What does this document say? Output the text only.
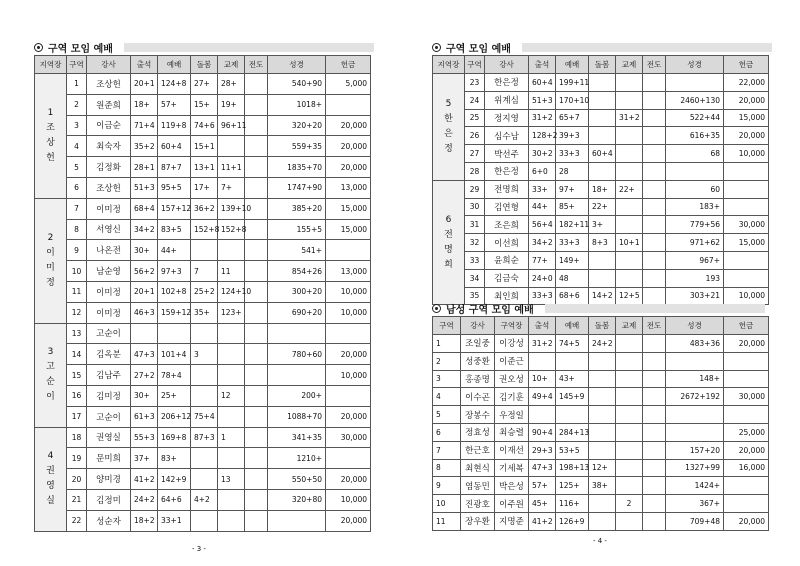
구역 모임 예배
지역장	구역	강사	출석	예배	돌봄	교제	전도	성경	헌금

1
조
상
헌	1	조상헌	20+1	124+8	27+	28+		540+90	5,000
	2	원준희	18+	57+	15+	19+		1018+	
	3	이금순	71+4	119+8	74+6	96+11		320+20	20,000
	4	최숙자	35+2	60+4	15+1			559+35	20,000
	5	김정화	28+1	87+7	13+1	11+1		1835+70	20,000
	6	조상헌	51+3	95+5	17+	7+		1747+90	13,000

2
이
미
정	7	이미정	68+4	157+12	36+2	139+10		385+20	15,000
	8	서영신	34+2	83+5	152+8	152+8		155+5	15,000
	9	나온전	30+	44+				541+	
	10	남순영	56+2	97+3	7	11		854+26	13,000
	11	이미정	20+1	102+8	25+2	124+10		300+20	10,000
	12	이미정	46+3	159+12	35+	123+		690+20	10,000

3
고
순
이	13	고순이							
	14	김옥분	47+3	101+4	3			780+60	20,000
	15	김남주	27+2	78+4					10,000
	16	김미정	30+	25+		12		200+	
	17	고순이	61+3	206+12	75+4			1088+70	20,000

4
권
영
실	18	권영실	55+3	169+8	87+3	1		341+35	30,000
	19	문미희	37+	83+				1210+	
	20	양미경	41+2	142+9		13		550+50	20,000
	21	김정미	24+2	64+6	4+2			320+80	10,000
	22	성순자	18+2	33+1					20,000
- 3 -
구역 모임 예배
지역장	구역	강사	출석	예배	돌봄	교제	전도	성경	헌금

5
한
은
정	23	한은정	60+4	199+11					22,000
	24	위계심	51+3	170+10				2460+130	20,000
	25	정지영	31+2	65+7		31+2		522+44	15,000
	26	심수남	128+2	39+3				616+35	20,000
	27	박선주	30+2	33+3	60+4			68	10,000
	28	한은정	6+0	28					

6
전
명
희	29	전명희	33+	97+	18+	22+		60	
	30	김연형	44+	85+	22+			183+	
	31	조은희	56+4	182+11	3+			779+56	30,000
	32	이선희	34+2	33+3	8+3	10+1		971+62	15,000
	33	윤희순	77+	149+				967+	
	34	김금숙	24+0	48				193	
	35	최인희	33+3	68+6	14+2	12+5		303+21	10,000
남성 구역 모임 예배
구역	강사	구역장	출석	예배	돌봄	교제	전도	성경	헌금
1	조일중	이강성	31+2	74+5	24+2			483+36	20,000
2	성중환	이준근							
3	홍종명	권오성	10+	43+				148+	
4	이수곤	김기훈	49+4	145+9				2672+192	30,000
5	장봉수	우정일							
6	정효성	최승렬	90+4	284+13					25,000
7	한근호	이재선	29+3	53+5				157+20	20,000
8	최현식	기세복	47+3	198+13	12+			1327+99	16,000
9	염동민	박은성	57+	125+	38+			1424+	
10	진광호	이주원	45+	116+		2		367+	
11	장우환	지명준	41+2	126+9				709+48	20,000
- 4 -
